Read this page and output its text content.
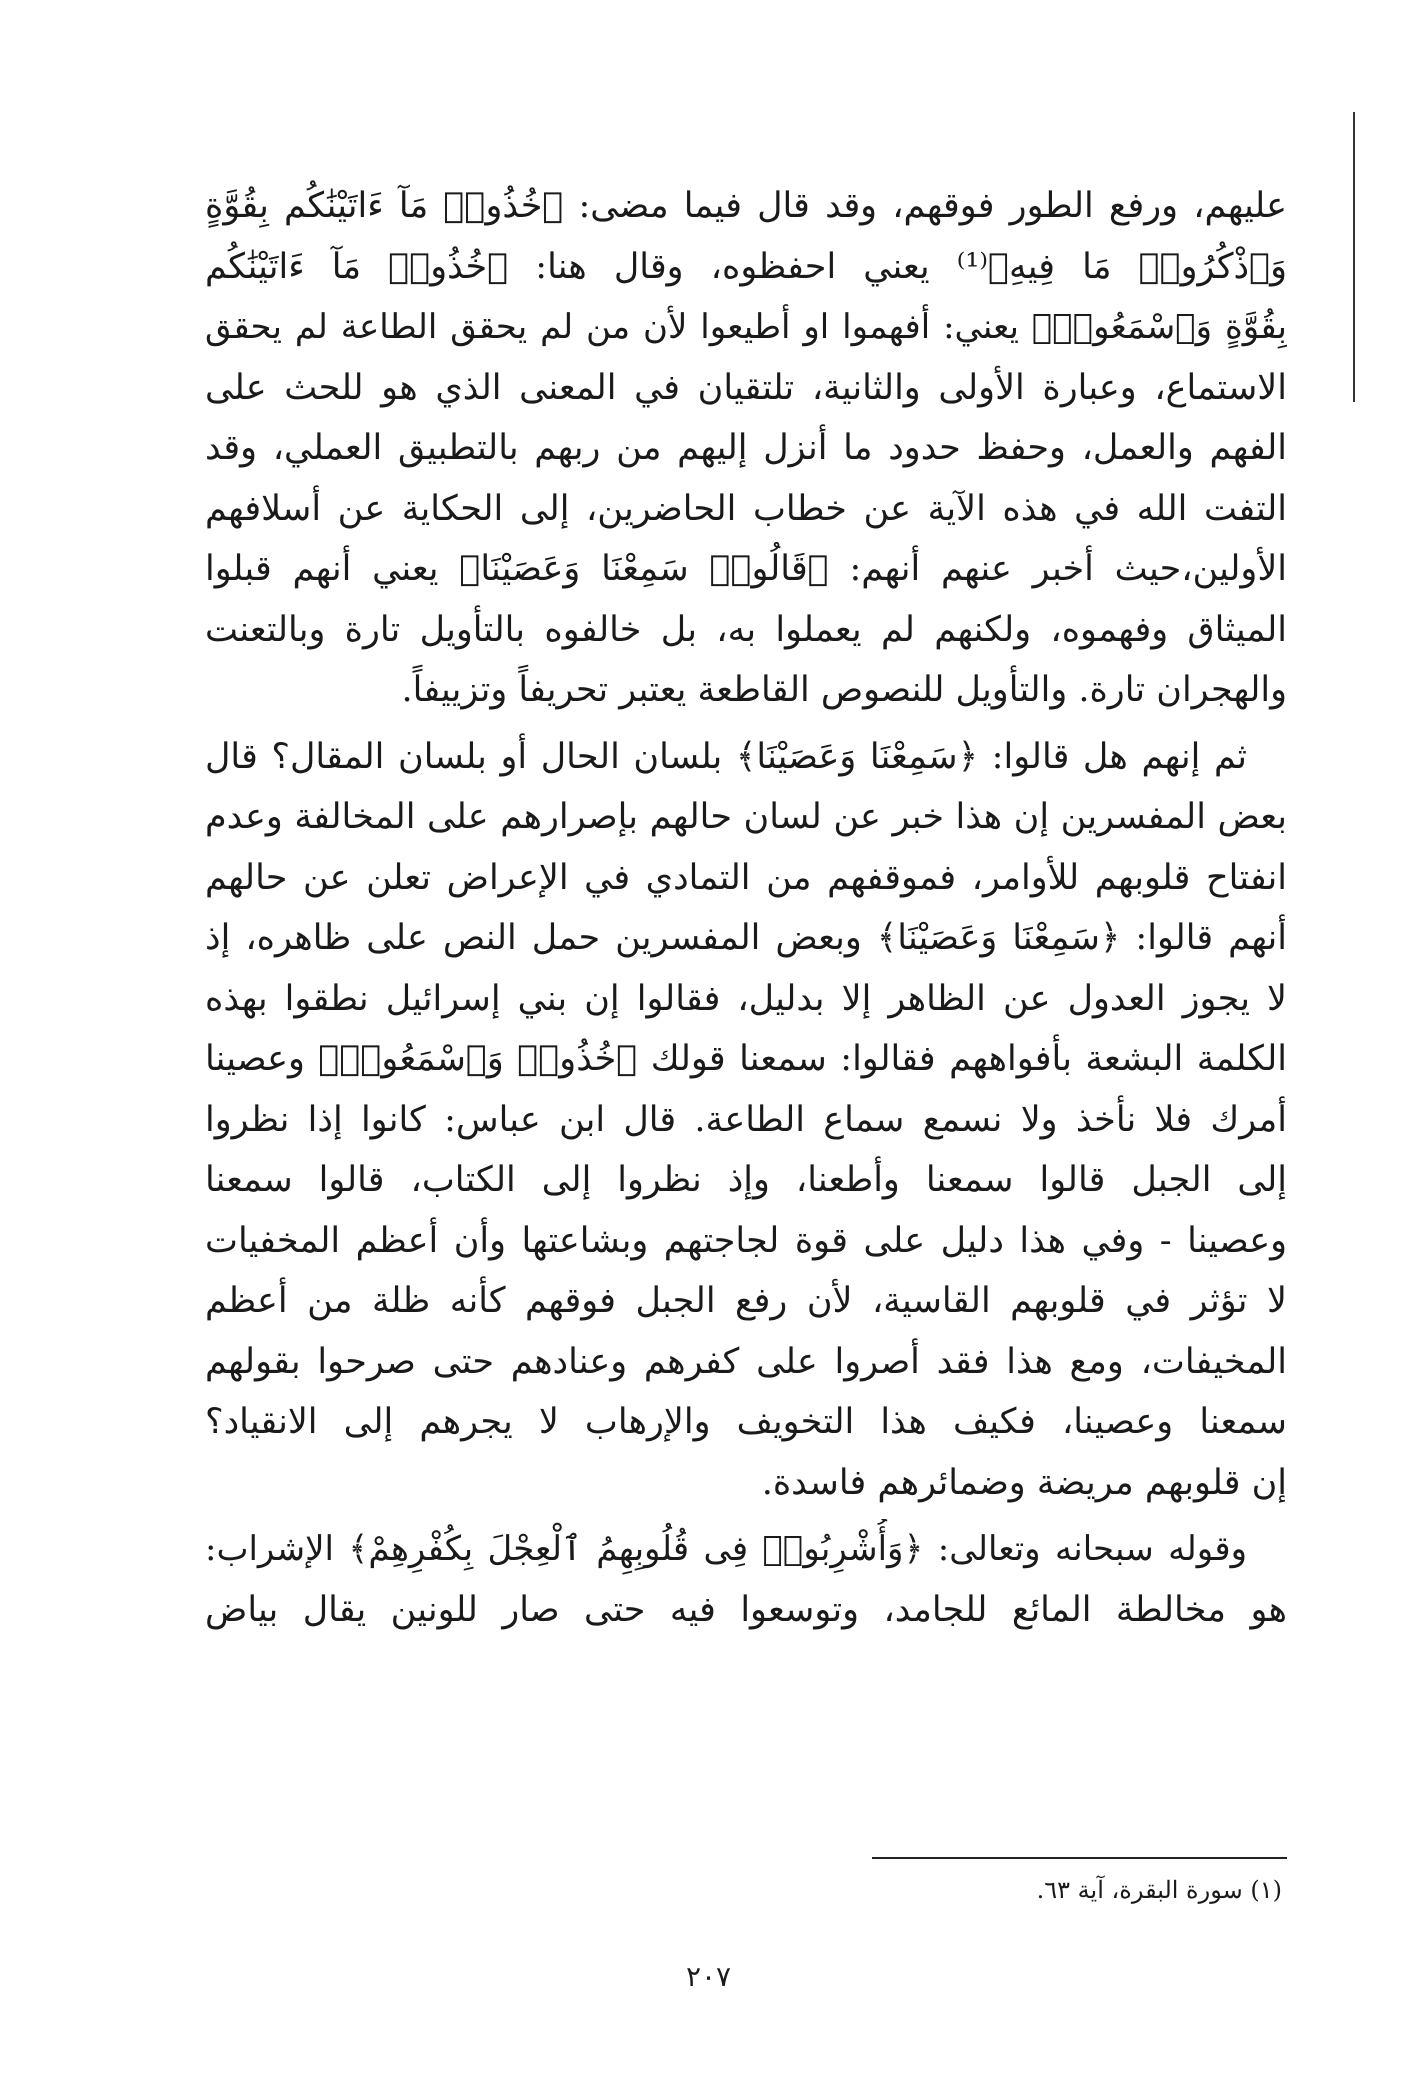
عليهم، ورفع الطور فوقهم، وقد قال فيما مضى: ﴿خُذُوا۟ مَآ ءَاتَيْنَٰكُم بِقُوَّةٍ
وَٱذْكُرُوا۟ مَا فِيهِ﴾⁽¹⁾ يعني احفظوه، وقال هنا: ﴿خُذُوا۟ مَآ ءَاتَيْنَٰكُم
بِقُوَّةٍ وَٱسْمَعُوا۟﴾ يعني: أفهموا او أطيعوا لأن من لم يحقق الطاعة لم يحقق
الاستماع، وعبارة الأولى والثانية، تلتقيان في المعنى الذي هو للحث على
الفهم والعمل، وحفظ حدود ما أنزل إليهم من ربهم بالتطبيق العملي، وقد
التفت الله في هذه الآية عن خطاب الحاضرين، إلى الحكاية عن أسلافهم
الأولين،حيث أخبر عنهم أنهم: ﴿قَالُوا۟ سَمِعْنَا وَعَصَيْنَا﴾ يعني أنهم قبلوا
الميثاق وفهموه، ولكنهم لم يعملوا به، بل خالفوه بالتأويل تارة وبالتعنت
والهجران تارة. والتأويل للنصوص القاطعة يعتبر تحريفاً وتزييفاً.
ثم إنهم هل قالوا: ﴿سَمِعْنَا وَعَصَيْنَا﴾ بلسان الحال أو بلسان المقال؟ قال
بعض المفسرين إن هذا خبر عن لسان حالهم بإصرارهم على المخالفة وعدم
انفتاح قلوبهم للأوامر، فموقفهم من التمادي في الإعراض تعلن عن حالهم
أنهم قالوا: ﴿سَمِعْنَا وَعَصَيْنَا﴾ وبعض المفسرين حمل النص على ظاهره، إذ
لا يجوز العدول عن الظاهر إلا بدليل، فقالوا إن بني إسرائيل نطقوا بهذه
الكلمة البشعة بأفواههم فقالوا: سمعنا قولك ﴿خُذُوا۟ وَٱسْمَعُوا۟﴾ وعصينا
أمرك فلا نأخذ ولا نسمع سماع الطاعة. قال ابن عباس: كانوا إذا نظروا
إلى الجبل قالوا سمعنا وأطعنا، وإذ نظروا إلى الكتاب، قالوا سمعنا
وعصينا - وفي هذا دليل على قوة لجاجتهم وبشاعتها وأن أعظم المخفيات
لا تؤثر في قلوبهم القاسية، لأن رفع الجبل فوقهم كأنه ظلة من أعظم
المخيفات، ومع هذا فقد أصروا على كفرهم وعنادهم حتى صرحوا بقولهم
سمعنا وعصينا، فكيف هذا التخويف والإرهاب لا يجرهم إلى الانقياد؟
إن قلوبهم مريضة وضمائرهم فاسدة.
وقوله سبحانه وتعالى: ﴿وَأُشْرِبُوا۟ فِى قُلُوبِهِمُ ٱلْعِجْلَ بِكُفْرِهِمْ﴾ الإشراب:
هو مخالطة المائع للجامد، وتوسعوا فيه حتى صار للونين يقال بياض
(١) سورة البقرة، آية ٦٣.
٢٠٧
